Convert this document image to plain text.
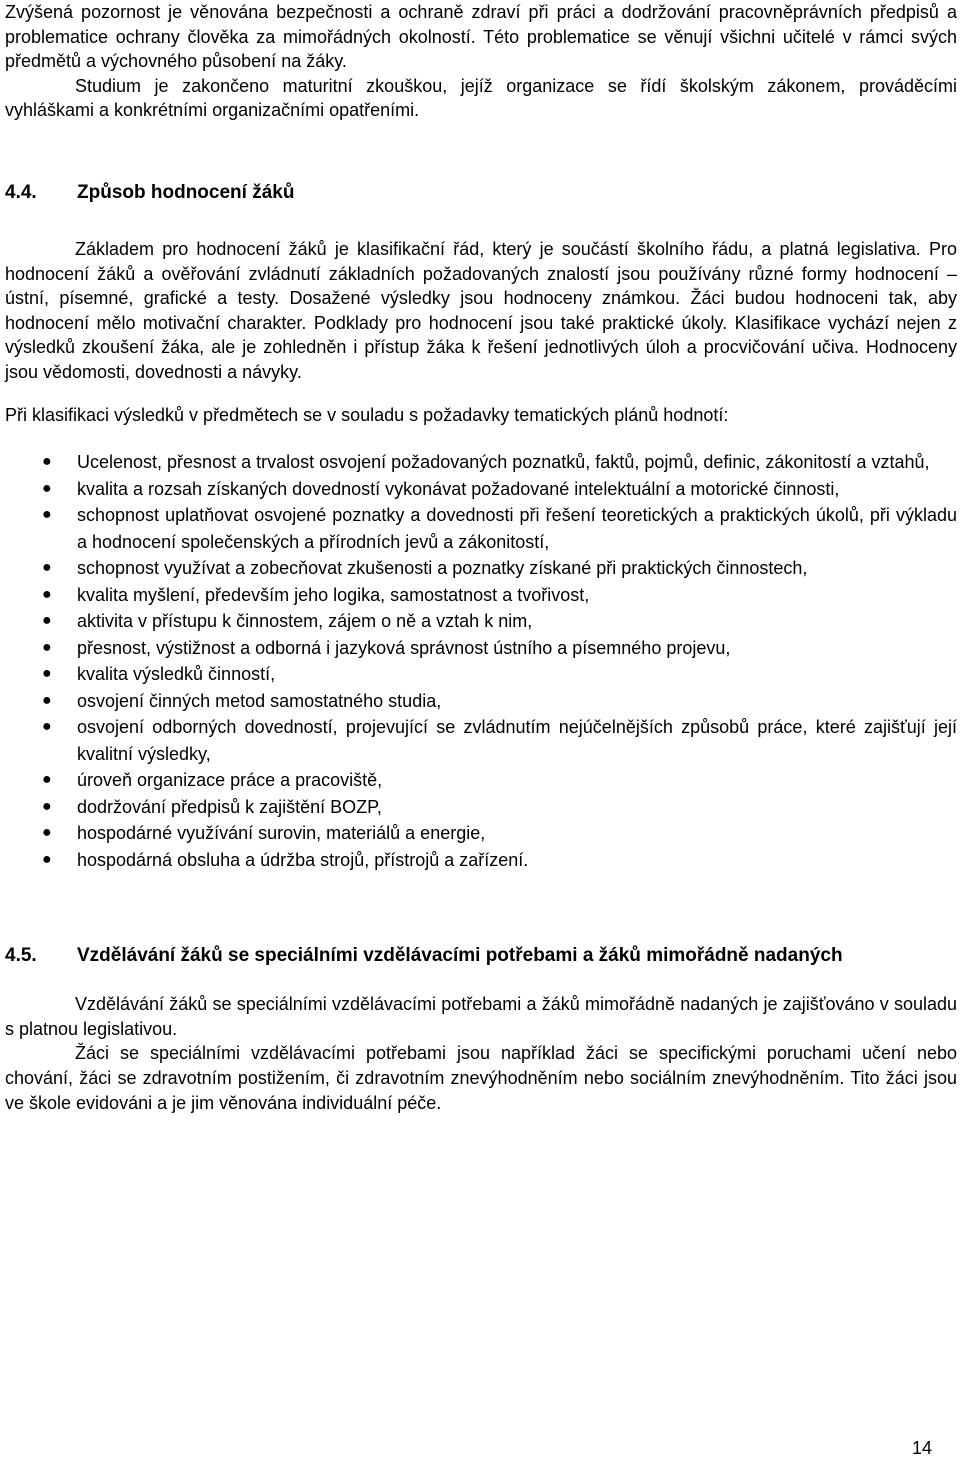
Zvýšená pozornost je věnována bezpečnosti a ochraně zdraví při práci a dodržování pracovněprávních předpisů a problematice ochrany člověka za mimořádných okolností. Této problematice se věnují všichni učitelé v rámci svých předmětů a výchovného působení na žáky.

Studium je zakončeno maturitní zkouškou, jejíž organizace se řídí školským zákonem, prováděcími vyhláškami a konkrétními organizačními opatřeními.

4.4.	Způsob hodnocení žáků

Základem pro hodnocení žáků je klasifikační řád, který je součástí školního řádu, a platná legislativa. Pro hodnocení žáků a ověřování zvládnutí základních požadovaných znalostí jsou používány různé formy hodnocení – ústní, písemné, grafické a testy. Dosažené výsledky jsou hodnoceny známkou. Žáci budou hodnoceni tak, aby hodnocení mělo motivační charakter. Podklady pro hodnocení jsou také praktické úkoly. Klasifikace vychází nejen z výsledků zkoušení žáka, ale je zohledněn i přístup žáka k řešení jednotlivých úloh a procvičování učiva. Hodnoceny jsou vědomosti, dovednosti a návyky.

Při klasifikaci výsledků v předmětech se v souladu s požadavky tematických plánů hodnotí:

● Ucelenost, přesnost a trvalost osvojení požadovaných poznatků, faktů, pojmů, definic, zákonitostí a vztahů,
● kvalita a rozsah získaných dovedností vykonávat požadované intelektuální a motorické činnosti,
● schopnost uplatňovat osvojené poznatky a dovednosti při řešení teoretických a praktických úkolů, při výkladu a hodnocení společenských a přírodních jevů a zákonitostí,
● schopnost využívat a zobecňovat zkušenosti a poznatky získané při praktických činnostech,
● kvalita myšlení, především jeho logika, samostatnost a tvořivost,
● aktivita v přístupu k činnostem, zájem o ně a vztah k nim,
● přesnost, výstižnost a odborná i jazyková správnost ústního a písemného projevu,
● kvalita výsledků činností,
● osvojení činných metod samostatného studia,
● osvojení odborných dovedností, projevující se zvládnutím nejúčelnějších způsobů práce, které zajišťují její kvalitní výsledky,
● úroveň organizace práce a pracoviště,
● dodržování předpisů k zajištění BOZP,
● hospodárné využívání surovin, materiálů a energie,
● hospodárná obsluha a údržba strojů, přístrojů a zařízení.
4.5.	Vzdělávání žáků se speciálními vzdělávacími potřebami a žáků mimořádně nadaných

Vzdělávání žáků se speciálními vzdělávacími potřebami a žáků mimořádně nadaných je zajišťováno v souladu s platnou legislativou.

Žáci se speciálními vzdělávacími potřebami jsou například žáci se specifickými poruchami učení nebo chování, žáci se zdravotním postižením, či zdravotním znevýhodněním nebo sociálním znevýhodněním. Tito žáci jsou ve škole evidováni a je jim věnována individuální péče.

14
